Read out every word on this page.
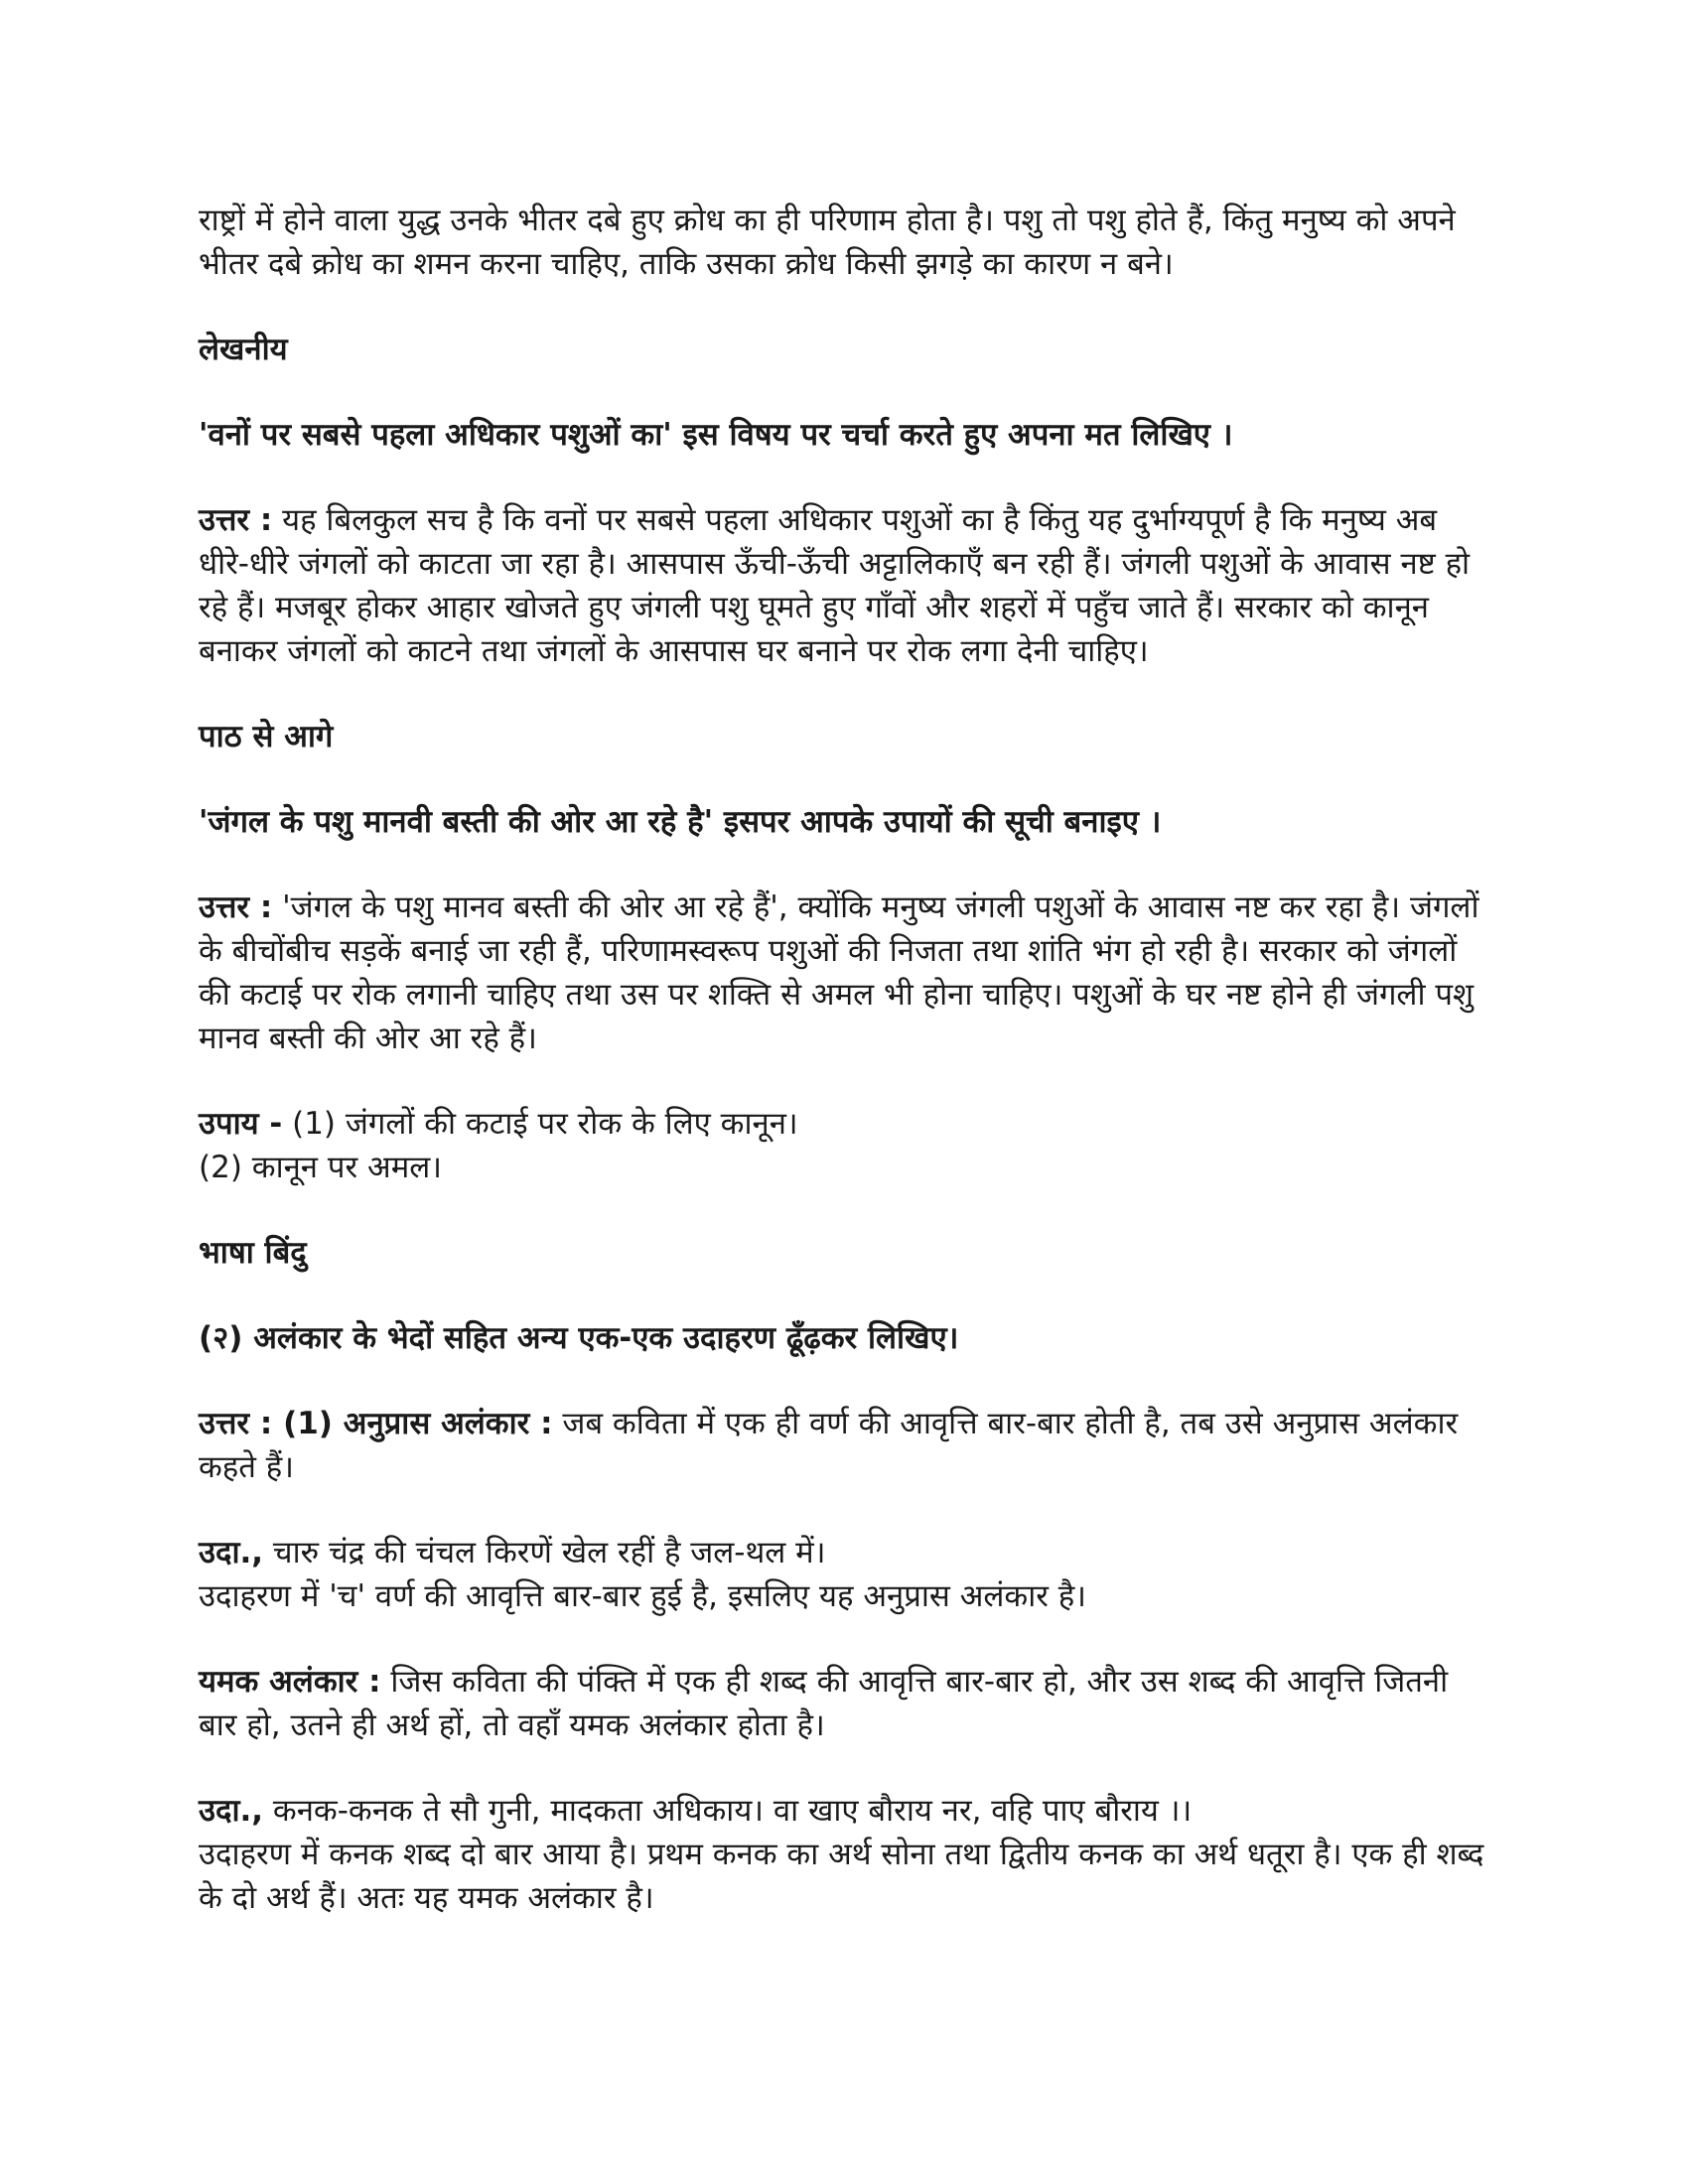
राष्ट्रों में होने वाला युद्ध उनके भीतर दबे हुए क्रोध का ही परिणाम होता है। पशु तो पशु होते हैं, किंतु मनुष्य को अपने भीतर दबे क्रोध का शमन करना चाहिए, ताकि उसका क्रोध किसी झगड़े का कारण न बने।

लेखनीय

'वनों पर सबसे पहला अधिकार पशुओं का' इस विषय पर चर्चा करते हुए अपना मत लिखिए ।

उत्तर : यह बिलकुल सच है कि वनों पर सबसे पहला अधिकार पशुओं का है किंतु यह दुर्भाग्यपूर्ण है कि मनुष्य अब धीरे-धीरे जंगलों को काटता जा रहा है। आसपास ऊँची-ऊँची अट्टालिकाएँ बन रही हैं। जंगली पशुओं के आवास नष्ट हो रहे हैं। मजबूर होकर आहार खोजते हुए जंगली पशु घूमते हुए गाँवों और शहरों में पहुँच जाते हैं। सरकार को कानून बनाकर जंगलों को काटने तथा जंगलों के आसपास घर बनाने पर रोक लगा देनी चाहिए।

पाठ से आगे

'जंगल के पशु मानवी बस्ती की ओर आ रहे है' इसपर आपके उपायों की सूची बनाइए ।

उत्तर : 'जंगल के पशु मानव बस्ती की ओर आ रहे हैं', क्योंकि मनुष्य जंगली पशुओं के आवास नष्ट कर रहा है। जंगलों के बीचोंबीच सड़कें बनाई जा रही हैं, परिणामस्वरूप पशुओं की निजता तथा शांति भंग हो रही है। सरकार को जंगलों की कटाई पर रोक लगानी चाहिए तथा उस पर शक्ति से अमल भी होना चाहिए। पशुओं के घर नष्ट होने ही जंगली पशु मानव बस्ती की ओर आ रहे हैं।

उपाय - (1) जंगलों की कटाई पर रोक के लिए कानून।
(2) कानून पर अमल।

भाषा बिंदु

(२) अलंकार के भेदों सहित अन्य एक-एक उदाहरण ढूँढ़कर लिखिए।

उत्तर : (1) अनुप्रास अलंकार : जब कविता में एक ही वर्ण की आवृत्ति बार-बार होती है, तब उसे अनुप्रास अलंकार कहते हैं।

उदा., चारु चंद्र की चंचल किरणें खेल रहीं है जल-थल में।
उदाहरण में 'च' वर्ण की आवृत्ति बार-बार हुई है, इसलिए यह अनुप्रास अलंकार है।

यमक अलंकार : जिस कविता की पंक्ति में एक ही शब्द की आवृत्ति बार-बार हो, और उस शब्द की आवृत्ति जितनी बार हो, उतने ही अर्थ हों, तो वहाँ यमक अलंकार होता है।

उदा., कनक-कनक ते सौ गुनी, मादकता अधिकाय। वा खाए बौराय नर, वहि पाए बौराय ।।
उदाहरण में कनक शब्द दो बार आया है। प्रथम कनक का अर्थ सोना तथा द्वितीय कनक का अर्थ धतूरा है। एक ही शब्द के दो अर्थ हैं। अतः यह यमक अलंकार है।
